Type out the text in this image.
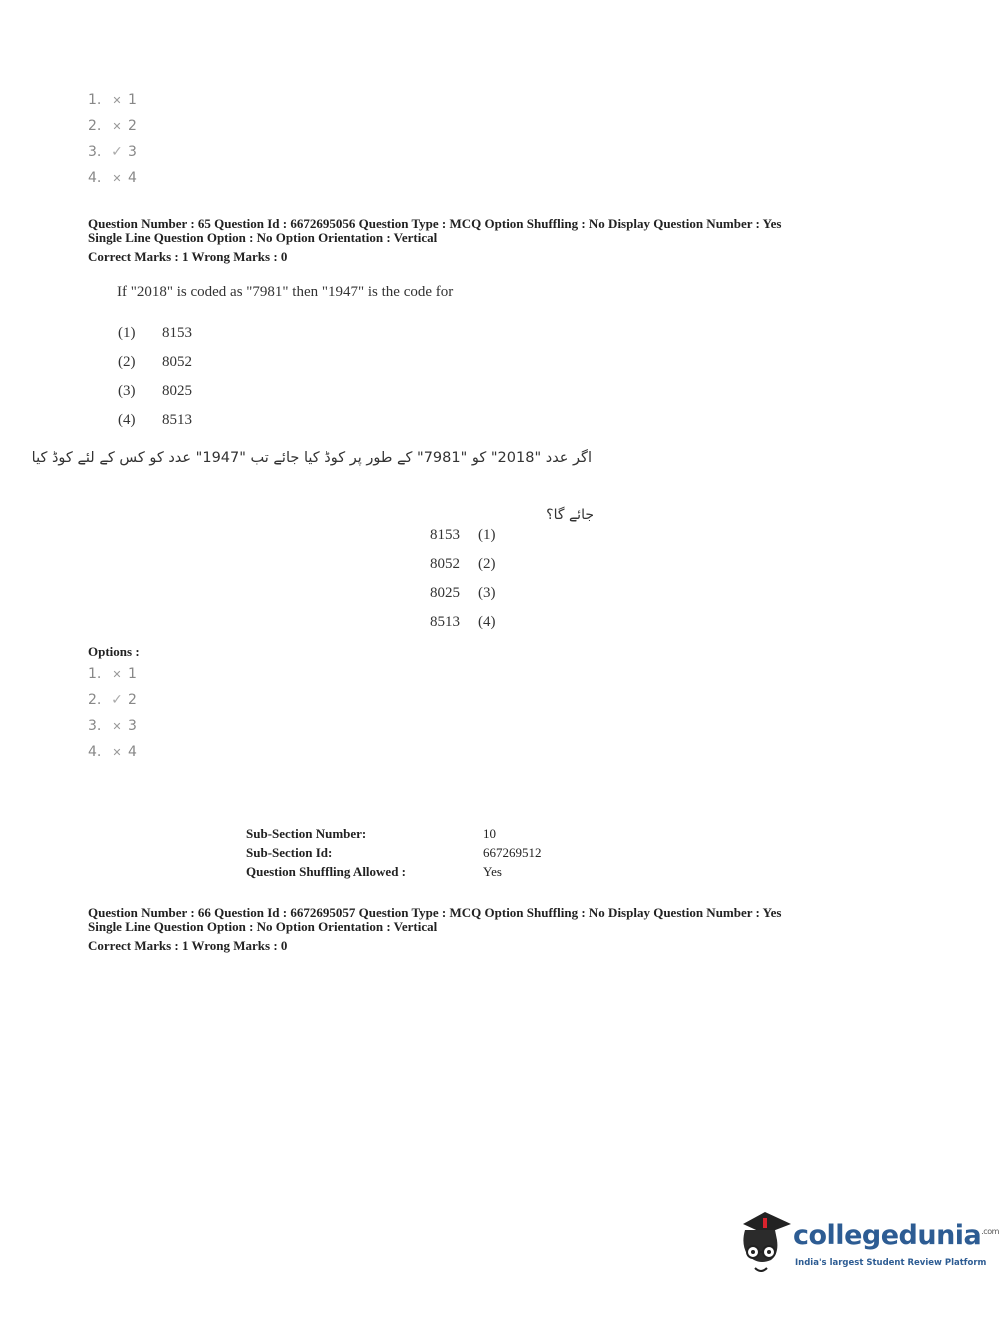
1. ✕ 1
2. ✕ 2
3. ✓ 3
4. ✕ 4
Question Number : 65 Question Id : 6672695056 Question Type : MCQ Option Shuffling : No Display Question Number : Yes
Single Line Question Option : No Option Orientation : Vertical
Correct Marks : 1 Wrong Marks : 0
If "2018" is coded as "7981" then "1947" is the code for
(1) 8153
(2) 8052
(3) 8025
(4) 8513
اگر عدد "2018" کو "7981" کے طور پر کوڈ کیا جائے تب "1947" عدد کو کس کے لئے کوڈ کیا
جائے گا؟
8153 (1)
8052 (2)
8025 (3)
8513 (4)
Options :
1. ✕ 1
2. ✓ 2
3. ✕ 3
4. ✕ 4
Sub-Section Number:	10
Sub-Section Id:	667269512
Question Shuffling Allowed :	Yes
Question Number : 66 Question Id : 6672695057 Question Type : MCQ Option Shuffling : No Display Question Number : Yes
Single Line Question Option : No Option Orientation : Vertical
Correct Marks : 1 Wrong Marks : 0
collegedunia$^{.com}$
India's largest Student Review Platform
